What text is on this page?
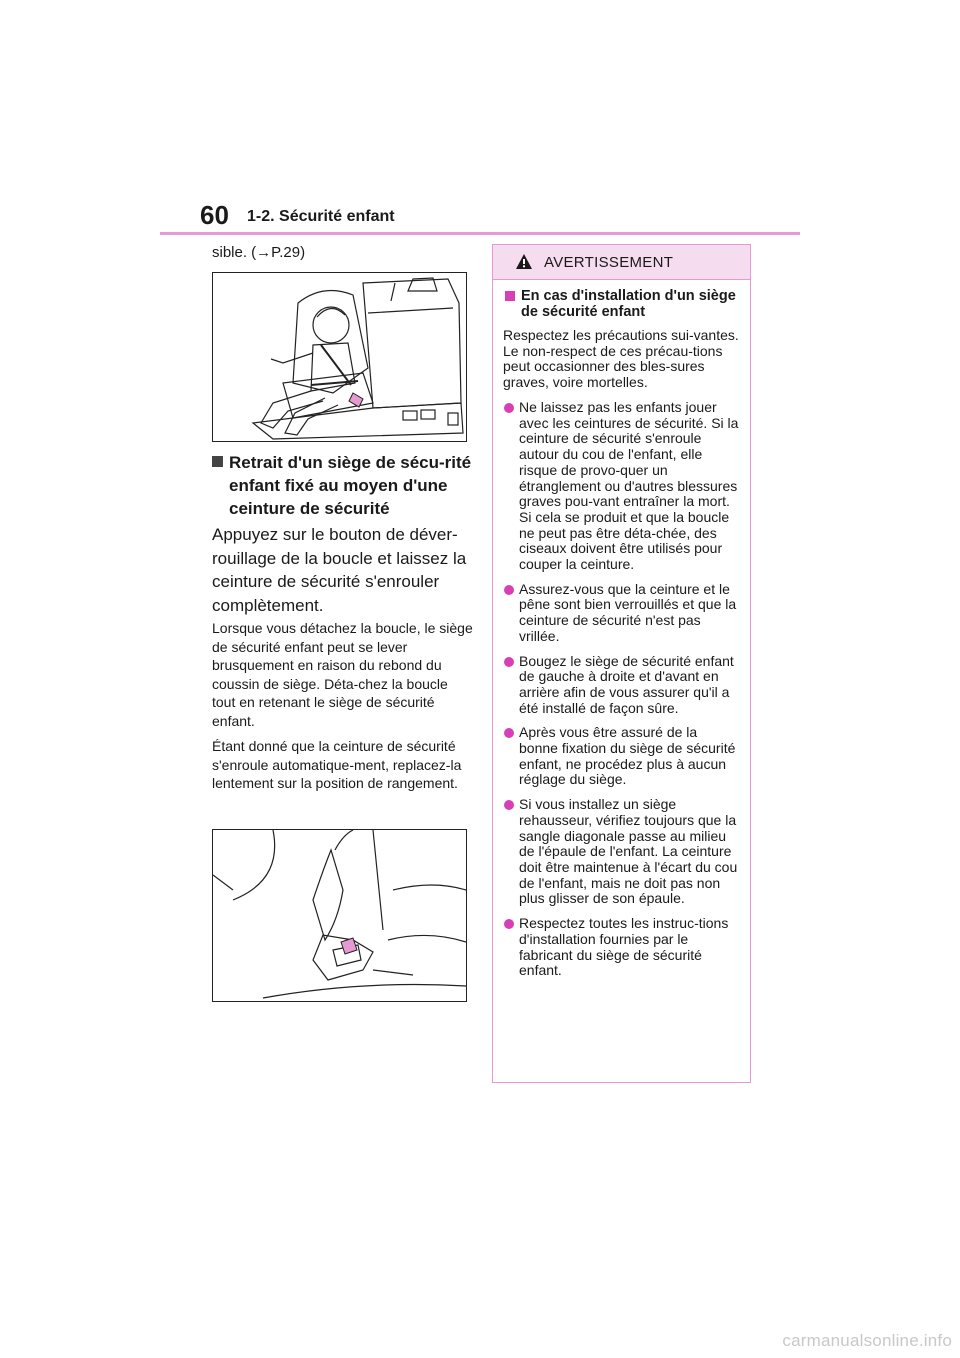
60 1-2. Sécurité enfant

sible. (→P.29)

Retrait d'un siège de sécu-rité enfant fixé au moyen d'une ceinture de sécurité
Appuyez sur le bouton de déver-rouillage de la boucle et laissez la ceinture de sécurité s'enrouler complètement.
Lorsque vous détachez la boucle, le siège de sécurité enfant peut se lever brusquement en raison du rebond du coussin de siège. Déta-chez la boucle tout en retenant le siège de sécurité enfant.
Étant donné que la ceinture de sécurité s'enroule automatique-ment, replacez-la lentement sur la position de rangement.
AVERTISSEMENT
En cas d'installation d'un siège de sécurité enfant

Respectez les précautions sui-vantes.
Le non-respect de ces précau-tions peut occasionner des bles-sures graves, voire mortelles.

Ne laissez pas les enfants jouer avec les ceintures de sécurité. Si la ceinture de sécurité s'enroule autour du cou de l'enfant, elle risque de provo-quer un étranglement ou d'autres blessures graves pou-vant entraîner la mort. Si cela se produit et que la boucle ne peut pas être déta-chée, des ciseaux doivent être utilisés pour couper la ceinture.
Assurez-vous que la ceinture et le pêne sont bien verrouillés et que la ceinture de sécurité n'est pas vrillée.
Bougez le siège de sécurité enfant de gauche à droite et d'avant en arrière afin de vous assurer qu'il a été installé de façon sûre.
Après vous être assuré de la bonne fixation du siège de sécurité enfant, ne procédez plus à aucun réglage du siège.
Si vous installez un siège rehausseur, vérifiez toujours que la sangle diagonale passe au milieu de l'épaule de l'enfant. La ceinture doit être maintenue à l'écart du cou de l'enfant, mais ne doit pas non plus glisser de son épaule.
Respectez toutes les instruc-tions d'installation fournies par le fabricant du siège de sécurité enfant.
carmanualsonline.info
